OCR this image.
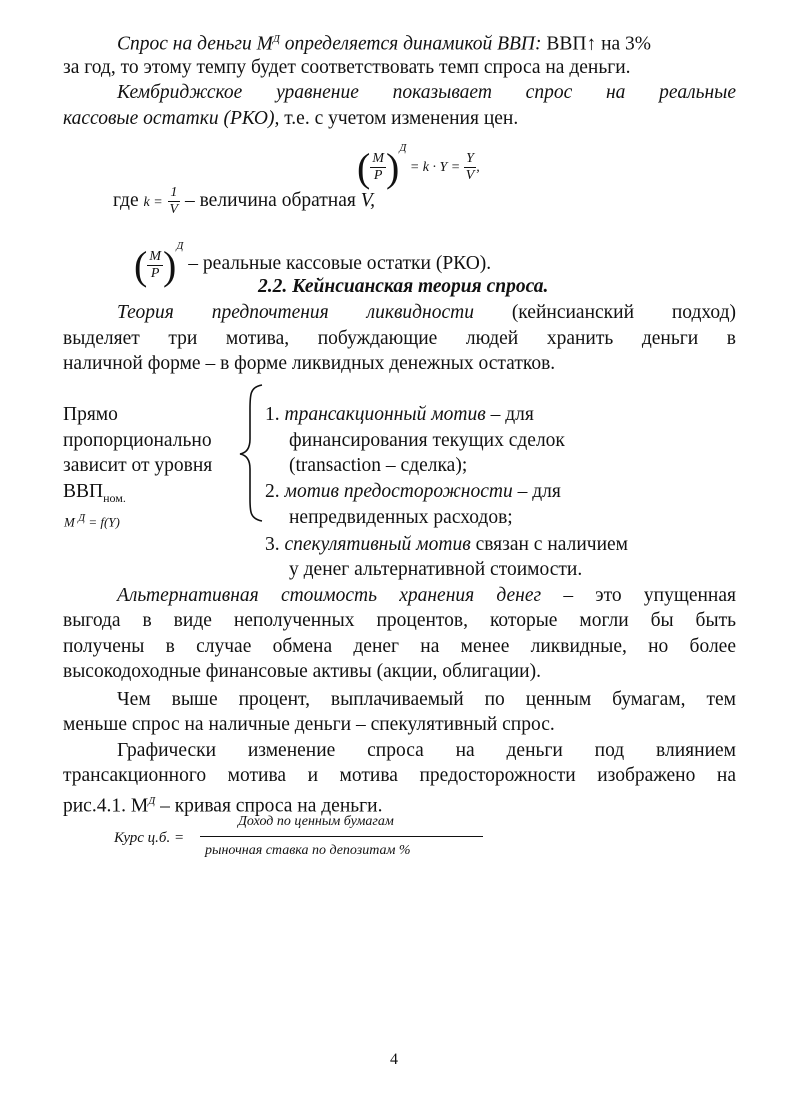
Спрос на деньги $M^Д$ определяется динамикой ВВП: ВВП↑ на 3%
за год, то этому темпу будет соответствовать темп спроса на деньги.
Кембриджское уравнение показывает спрос на реальные
кассовые остатки (РКО), т.е. с учетом изменения цен.
( $\frac{M}{P} )^Д = k \cdot Y = \frac{Y}{V}$ ,
где $k = \frac{1}{V}$ – величина обратная V,
( $\frac{M}{P} )^Д$ – реальные кассовые остатки (РКО).
2.2. Кейнсианская теория спроса.
Теория предпочтения ликвидности (кейнсианский подход)
выделяет три мотива, побуждающие людей хранить деньги в
наличной форме – в форме ликвидных денежных остатков.
Прямо
пропорционально
зависит от уровня
$ВВП_{ном.}$
M $^Д$ = f(Y)
1. трансакционный мотив – для
финансирования текущих сделок
(transaction – сделка);
2. мотив предосторожности – для
непредвиденных расходов;
3. спекулятивный мотив связан с наличием
у денег альтернативной стоимости.
Альтернативная стоимость хранения денег – это упущенная
выгода в виде неполученных процентов, которые могли бы быть
получены в случае обмена денег на менее ликвидные, но более
высокодоходные финансовые активы (акции, облигации).
Чем выше процент, выплачиваемый по ценным бумагам, тем
меньше спрос на наличные деньги – спекулятивный спрос.
Графически изменение спроса на деньги под влиянием
трансакционного мотива и мотива предосторожности изображено на
рис.4.1. $M^Д$ – кривая спроса на деньги.
Курс ц.б. =
Доход по ценным бумагам
рыночная ставка по депозитам %
4
